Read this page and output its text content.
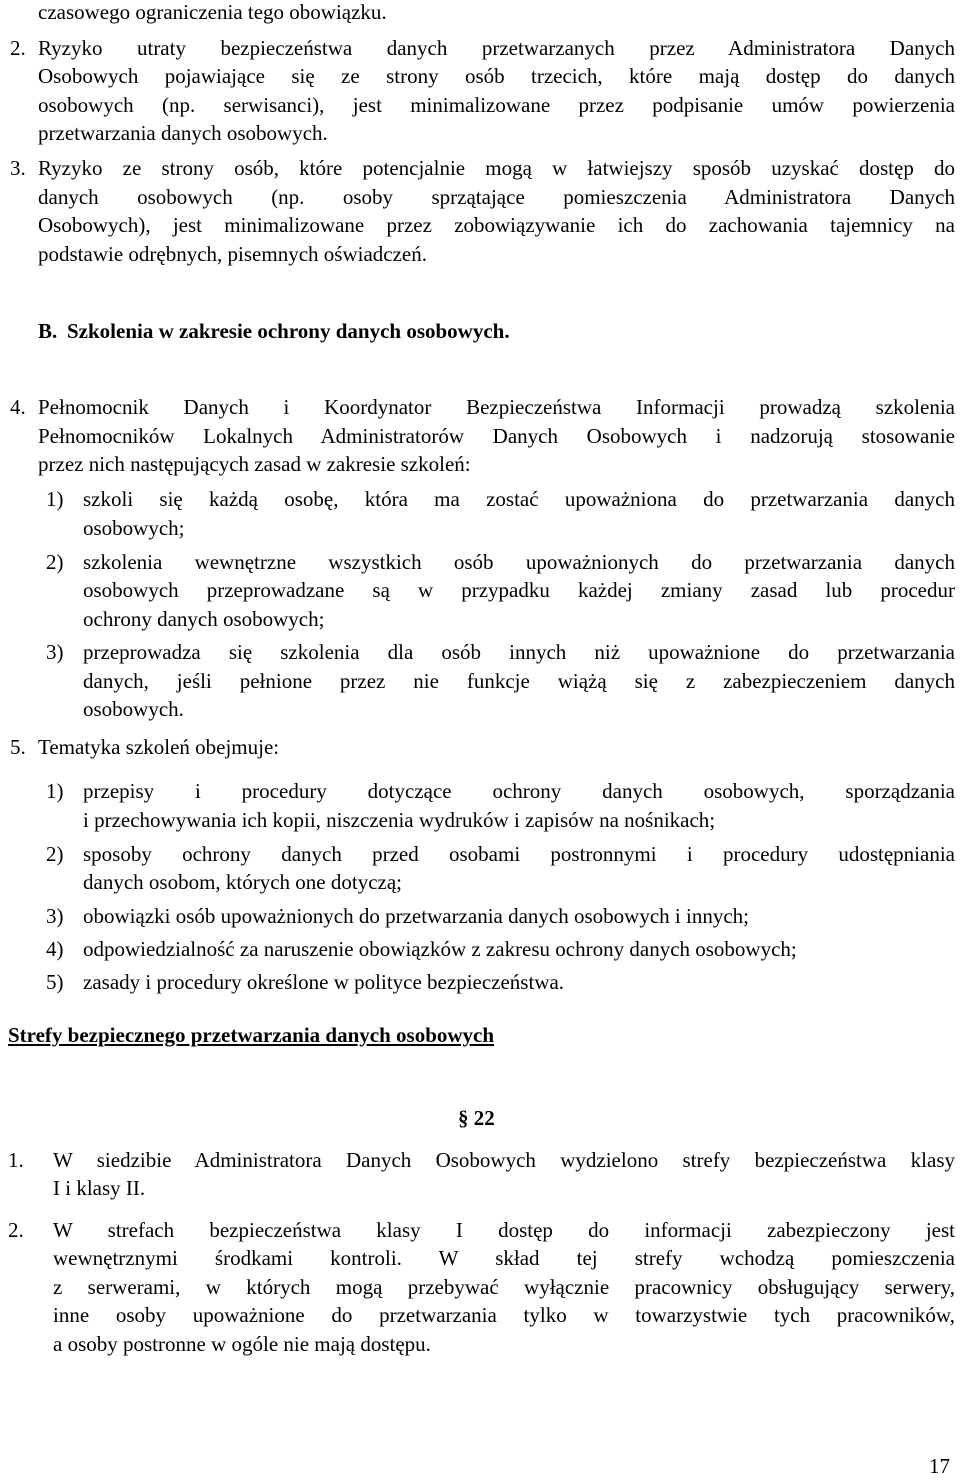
czasowego ograniczenia tego obowiązku.
2. Ryzyko utraty bezpieczeństwa danych przetwarzanych przez Administratora Danych
Osobowych pojawiające się ze strony osób trzecich, które mają dostęp do danych
osobowych (np. serwisanci), jest minimalizowane przez podpisanie umów powierzenia
przetwarzania danych osobowych.
3. Ryzyko ze strony osób, które potencjalnie mogą w łatwiejszy sposób uzyskać dostęp do
danych osobowych (np. osoby sprzątające pomieszczenia Administratora Danych
Osobowych), jest minimalizowane przez zobowiązywanie ich do zachowania tajemnicy na
podstawie odrębnych, pisemnych oświadczeń.
B. Szkolenia w zakresie ochrony danych osobowych.
4. Pełnomocnik Danych i Koordynator Bezpieczeństwa Informacji prowadzą szkolenia
Pełnomocników Lokalnych Administratorów Danych Osobowych i nadzorują stosowanie
przez nich następujących zasad w zakresie szkoleń:
1) szkoli się każdą osobę, która ma zostać upoważniona do przetwarzania danych
osobowych;
2) szkolenia wewnętrzne wszystkich osób upoważnionych do przetwarzania danych
osobowych przeprowadzane są w przypadku każdej zmiany zasad lub procedur
ochrony danych osobowych;
3) przeprowadza się szkolenia dla osób innych niż upoważnione do przetwarzania
danych, jeśli pełnione przez nie funkcje wiążą się z zabezpieczeniem danych
osobowych.
5. Tematyka szkoleń obejmuje:
1) przepisy i procedury dotyczące ochrony danych osobowych, sporządzania
i przechowywania ich kopii, niszczenia wydruków i zapisów na nośnikach;
2) sposoby ochrony danych przed osobami postronnymi i procedury udostępniania
danych osobom, których one dotyczą;
3) obowiązki osób upoważnionych do przetwarzania danych osobowych i innych;
4) odpowiedzialność za naruszenie obowiązków z zakresu ochrony danych osobowych;
5) zasady i procedury określone w polityce bezpieczeństwa.
Strefy bezpiecznego przetwarzania danych osobowych
§ 22
1. W siedzibie Administratora Danych Osobowych wydzielono strefy bezpieczeństwa klasy
I i klasy II.
2. W strefach bezpieczeństwa klasy I dostęp do informacji zabezpieczony jest
wewnętrznymi środkami kontroli. W skład tej strefy wchodzą pomieszczenia
z serwerami, w których mogą przebywać wyłącznie pracownicy obsługujący serwery,
inne osoby upoważnione do przetwarzania tylko w towarzystwie tych pracowników,
a osoby postronne w ogóle nie mają dostępu.
17
